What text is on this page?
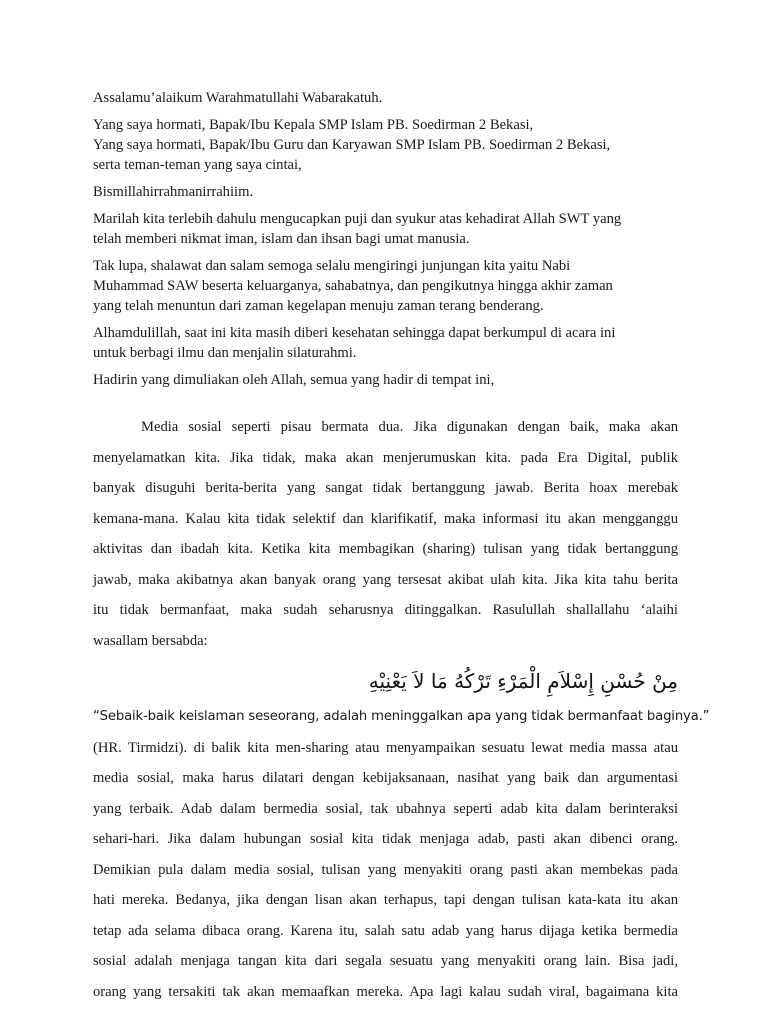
Assalamu’alaikum Warahmatullahi Wabarakatuh.

Yang saya hormati, Bapak/Ibu Kepala SMP Islam PB. Soedirman 2 Bekasi,
Yang saya hormati, Bapak/Ibu Guru dan Karyawan SMP Islam PB. Soedirman 2 Bekasi,
serta teman-teman yang saya cintai,

Bismillahirrahmanirrahiim.

Marilah kita terlebih dahulu mengucapkan puji dan syukur atas kehadirat Allah SWT yang
telah memberi nikmat iman, islam dan ihsan bagi umat manusia.

Tak lupa, shalawat dan salam semoga selalu mengiringi junjungan kita yaitu Nabi
Muhammad SAW beserta keluarganya, sahabatnya, dan pengikutnya hingga akhir zaman
yang telah menuntun dari zaman kegelapan menuju zaman terang benderang.

Alhamdulillah, saat ini kita masih diberi kesehatan sehingga dapat berkumpul di acara ini
untuk berbagi ilmu dan menjalin silaturahmi.

Hadirin yang dimuliakan oleh Allah, semua yang hadir di tempat ini,

Media sosial seperti pisau bermata dua. Jika digunakan dengan baik, maka akan
menyelamatkan kita. Jika tidak, maka akan menjerumuskan kita. pada Era Digital, publik
banyak disuguhi berita-berita yang sangat tidak bertanggung jawab. Berita hoax merebak
kemana-mana. Kalau kita tidak selektif dan klarifikatif, maka informasi itu akan mengganggu
aktivitas dan ibadah kita. Ketika kita membagikan (sharing) tulisan yang tidak bertanggung
jawab, maka akibatnya akan banyak orang yang tersesat akibat ulah kita. Jika kita tahu berita
itu tidak bermanfaat, maka sudah seharusnya ditinggalkan. Rasulullah shallallahu ‘alaihi
wasallam bersabda:
مِنْ حُسْنِ إِسْلاَمِ الْمَرْءِ تَرْكُهُ مَا لاَ يَعْنِيْهِ
“Sebaik-baik keislaman seseorang, adalah meninggalkan apa yang tidak bermanfaat baginya.”
(HR. Tirmidzi). di balik kita men-sharing atau menyampaikan sesuatu lewat media massa atau
media sosial, maka harus dilatari dengan kebijaksanaan, nasihat yang baik dan argumentasi
yang terbaik. Adab dalam bermedia sosial, tak ubahnya seperti adab kita dalam berinteraksi
sehari-hari. Jika dalam hubungan sosial kita tidak menjaga adab, pasti akan dibenci orang.
Demikian pula dalam media sosial, tulisan yang menyakiti orang pasti akan membekas pada
hati mereka. Bedanya, jika dengan lisan akan terhapus, tapi dengan tulisan kata-kata itu akan
tetap ada selama dibaca orang. Karena itu, salah satu adab yang harus dijaga ketika bermedia
sosial adalah menjaga tangan kita dari segala sesuatu yang menyakiti orang lain. Bisa jadi,
orang yang tersakiti tak akan memaafkan mereka. Apa lagi kalau sudah viral, bagaimana kita
